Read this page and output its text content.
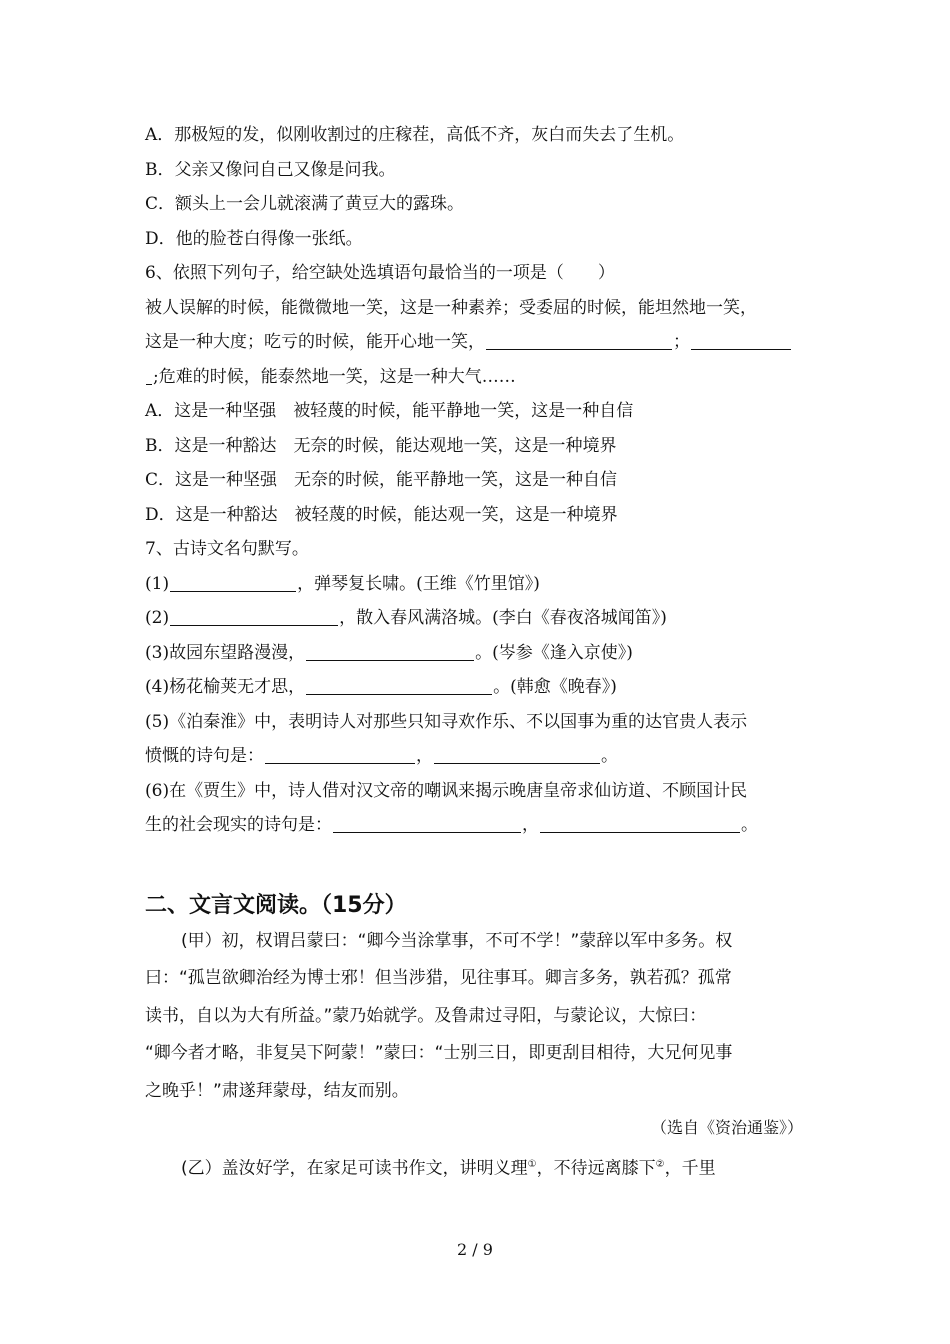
A．那极短的发，似刚收割过的庄稼茬，高低不齐，灰白而失去了生机。
B．父亲又像问自己又像是问我。
C．额头上一会儿就滚满了黄豆大的露珠。
D．他的脸苍白得像一张纸。
6、依照下列句子，给空缺处选填语句最恰当的一项是（　　）
被人误解的时候，能微微地一笑，这是一种素养；受委屈的时候，能坦然地一笑，
这是一种大度；吃亏的时候，能开心地一笑，	；
;危难的时候，能泰然地一笑，这是一种大气……
A．这是一种坚强　被轻蔑的时候，能平静地一笑，这是一种自信
B．这是一种豁达　无奈的时候，能达观地一笑，这是一种境界
C．这是一种坚强　无奈的时候，能平静地一笑，这是一种自信
D．这是一种豁达　被轻蔑的时候，能达观一笑，这是一种境界
7、古诗文名句默写。
(1)	，弹琴复长啸。(王维《竹里馆》)
(2)	，散入春风满洛城。(李白《春夜洛城闻笛》)
(3)故园东望路漫漫，	。(岑参《逢入京使》)
(4)杨花榆荚无才思，	。(韩愈《晚春》)
(5)《泊秦淮》中，表明诗人对那些只知寻欢作乐、不以国事为重的达官贵人表示
愤慨的诗句是：	，	。
(6)在《贾生》中，诗人借对汉文帝的嘲讽来揭示晚唐皇帝求仙访道、不顾国计民
生的社会现实的诗句是：	，	。
二、文言文阅读。（15分）
(甲）初，权谓吕蒙曰：“卿今当涂掌事，不可不学！”蒙辞以军中多务。权
曰：“孤岂欲卿治经为博士邪！但当涉猎，见往事耳。卿言多务，孰若孤？孤常
读书，自以为大有所益。”蒙乃始就学。及鲁肃过寻阳，与蒙论议，大惊曰：
“卿今者才略，非复吴下阿蒙！”蒙曰：“士别三日，即更刮目相待，大兄何见事
之晚乎！”肃遂拜蒙母，结友而别。
（选自《资治通鉴》）
(乙）盖汝好学，在家足可读书作文，讲明义理①，不待远离膝下②，千里
2 / 9
